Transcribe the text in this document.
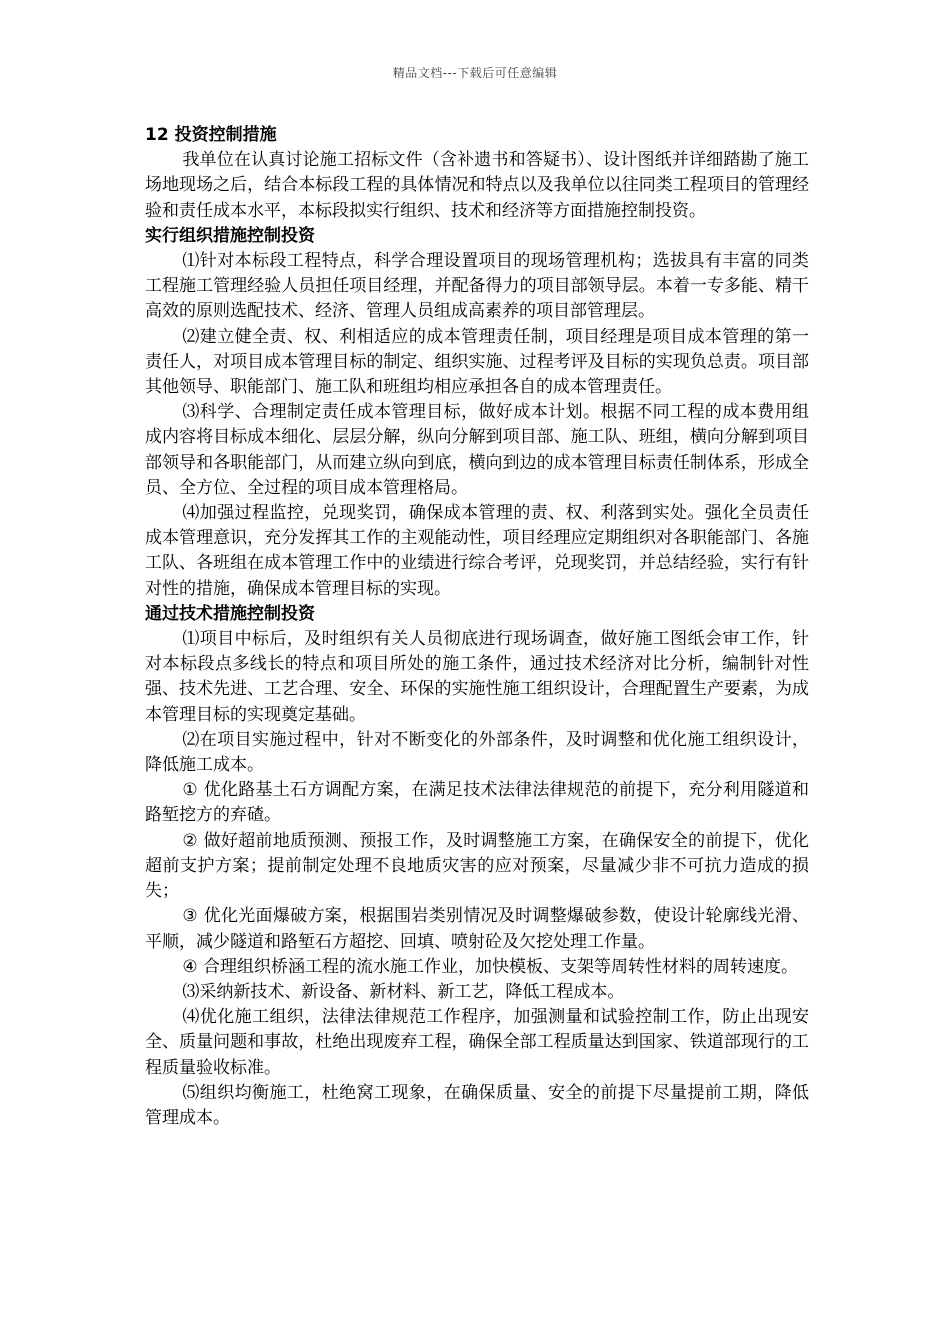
精品文档---下载后可任意编辑

12 投资控制措施

我单位在认真讨论施工招标文件（含补遗书和答疑书）、设计图纸并详细踏勘了施工场地现场之后，结合本标段工程的具体情况和特点以及我单位以往同类工程项目的管理经验和责任成本水平，本标段拟实行组织、技术和经济等方面措施控制投资。

实行组织措施控制投资

⑴针对本标段工程特点，科学合理设置项目的现场管理机构；选拔具有丰富的同类工程施工管理经验人员担任项目经理，并配备得力的项目部领导层。本着一专多能、精干高效的原则选配技术、经济、管理人员组成高素养的项目部管理层。

⑵建立健全责、权、利相适应的成本管理责任制，项目经理是项目成本管理的第一责任人，对项目成本管理目标的制定、组织实施、过程考评及目标的实现负总责。项目部其他领导、职能部门、施工队和班组均相应承担各自的成本管理责任。

⑶科学、合理制定责任成本管理目标，做好成本计划。根据不同工程的成本费用组成内容将目标成本细化、层层分解，纵向分解到项目部、施工队、班组，横向分解到项目部领导和各职能部门，从而建立纵向到底，横向到边的成本管理目标责任制体系，形成全员、全方位、全过程的项目成本管理格局。

⑷加强过程监控，兑现奖罚，确保成本管理的责、权、利落到实处。强化全员责任成本管理意识，充分发挥其工作的主观能动性，项目经理应定期组织对各职能部门、各施工队、各班组在成本管理工作中的业绩进行综合考评，兑现奖罚，并总结经验，实行有针对性的措施，确保成本管理目标的实现。

通过技术措施控制投资

⑴项目中标后，及时组织有关人员彻底进行现场调查，做好施工图纸会审工作，针对本标段点多线长的特点和项目所处的施工条件，通过技术经济对比分析，编制针对性强、技术先进、工艺合理、安全、环保的实施性施工组织设计，合理配置生产要素，为成本管理目标的实现奠定基础。

⑵在项目实施过程中，针对不断变化的外部条件，及时调整和优化施工组织设计，降低施工成本。

① 优化路基土石方调配方案，在满足技术法律法律规范的前提下，充分利用隧道和路堑挖方的弃碴。

② 做好超前地质预测、预报工作，及时调整施工方案，在确保安全的前提下，优化超前支护方案；提前制定处理不良地质灾害的应对预案，尽量减少非不可抗力造成的损失；

③ 优化光面爆破方案，根据围岩类别情况及时调整爆破参数，使设计轮廓线光滑、平顺，减少隧道和路堑石方超挖、回填、喷射砼及欠挖处理工作量。

④ 合理组织桥涵工程的流水施工作业，加快模板、支架等周转性材料的周转速度。

⑶采纳新技术、新设备、新材料、新工艺，降低工程成本。

⑷优化施工组织，法律法律规范工作程序，加强测量和试验控制工作，防止出现安全、质量问题和事故，杜绝出现废弃工程，确保全部工程质量达到国家、铁道部现行的工程质量验收标准。

⑸组织均衡施工，杜绝窝工现象，在确保质量、安全的前提下尽量提前工期，降低管理成本。
